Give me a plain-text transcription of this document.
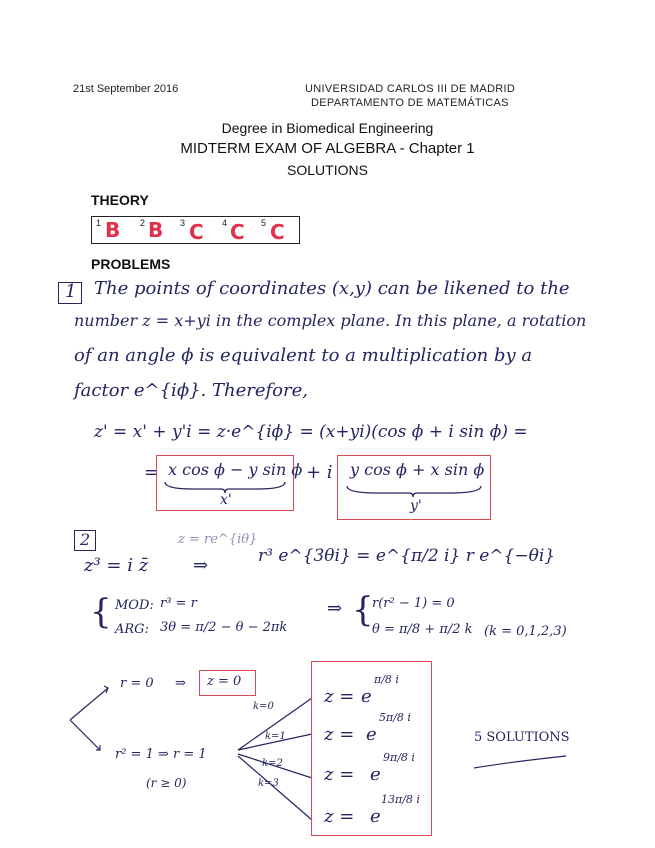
21st September 2016	UNIVERSIDAD CARLOS III DE MADRID
DEPARTAMENTO DE MATEMÁTICAS
Degree in Biomedical Engineering
MIDTERM EXAM OF ALGEBRA - Chapter 1
SOLUTIONS
THEORY
1 B 2 B 3 C 4 C 5 C
PROBLEMS
1 The points of coordinates (x,y) can be likened to the
number z = x+yi in the complex plane. In this plane, a rotation
of an angle ϕ is equivalent to a multiplication by a
factor e^{iϕ}. Therefore,
z' = x' + y'i = z·e^{iϕ} = (x+yi)(cos ϕ + i sin ϕ) =
= x cos ϕ − y sin ϕ
x'
+ i y cos ϕ + x sin ϕ
y'
2	z = re^{iθ}
z³ = i z̄ ⇒	r³ e^{3θi} = e^{π/2 i} r e^{−θi}
{ MOD: r³ = r
ARG: 3θ = π/2 − θ − 2πk
⇒ {
r(r² − 1) = 0
θ = π/8 + π/2 k (k = 0,1,2,3)
r = 0 ⇒ z = 0
r² = 1 ⇒ r = 1
(r ≥ 0)
k=0
k=1
k=2
k=3
z = e
π/8 i
z = e
5π/8 i
z = e
9π/8 i
z = e
13π/8 i
5 SOLUTIONS
